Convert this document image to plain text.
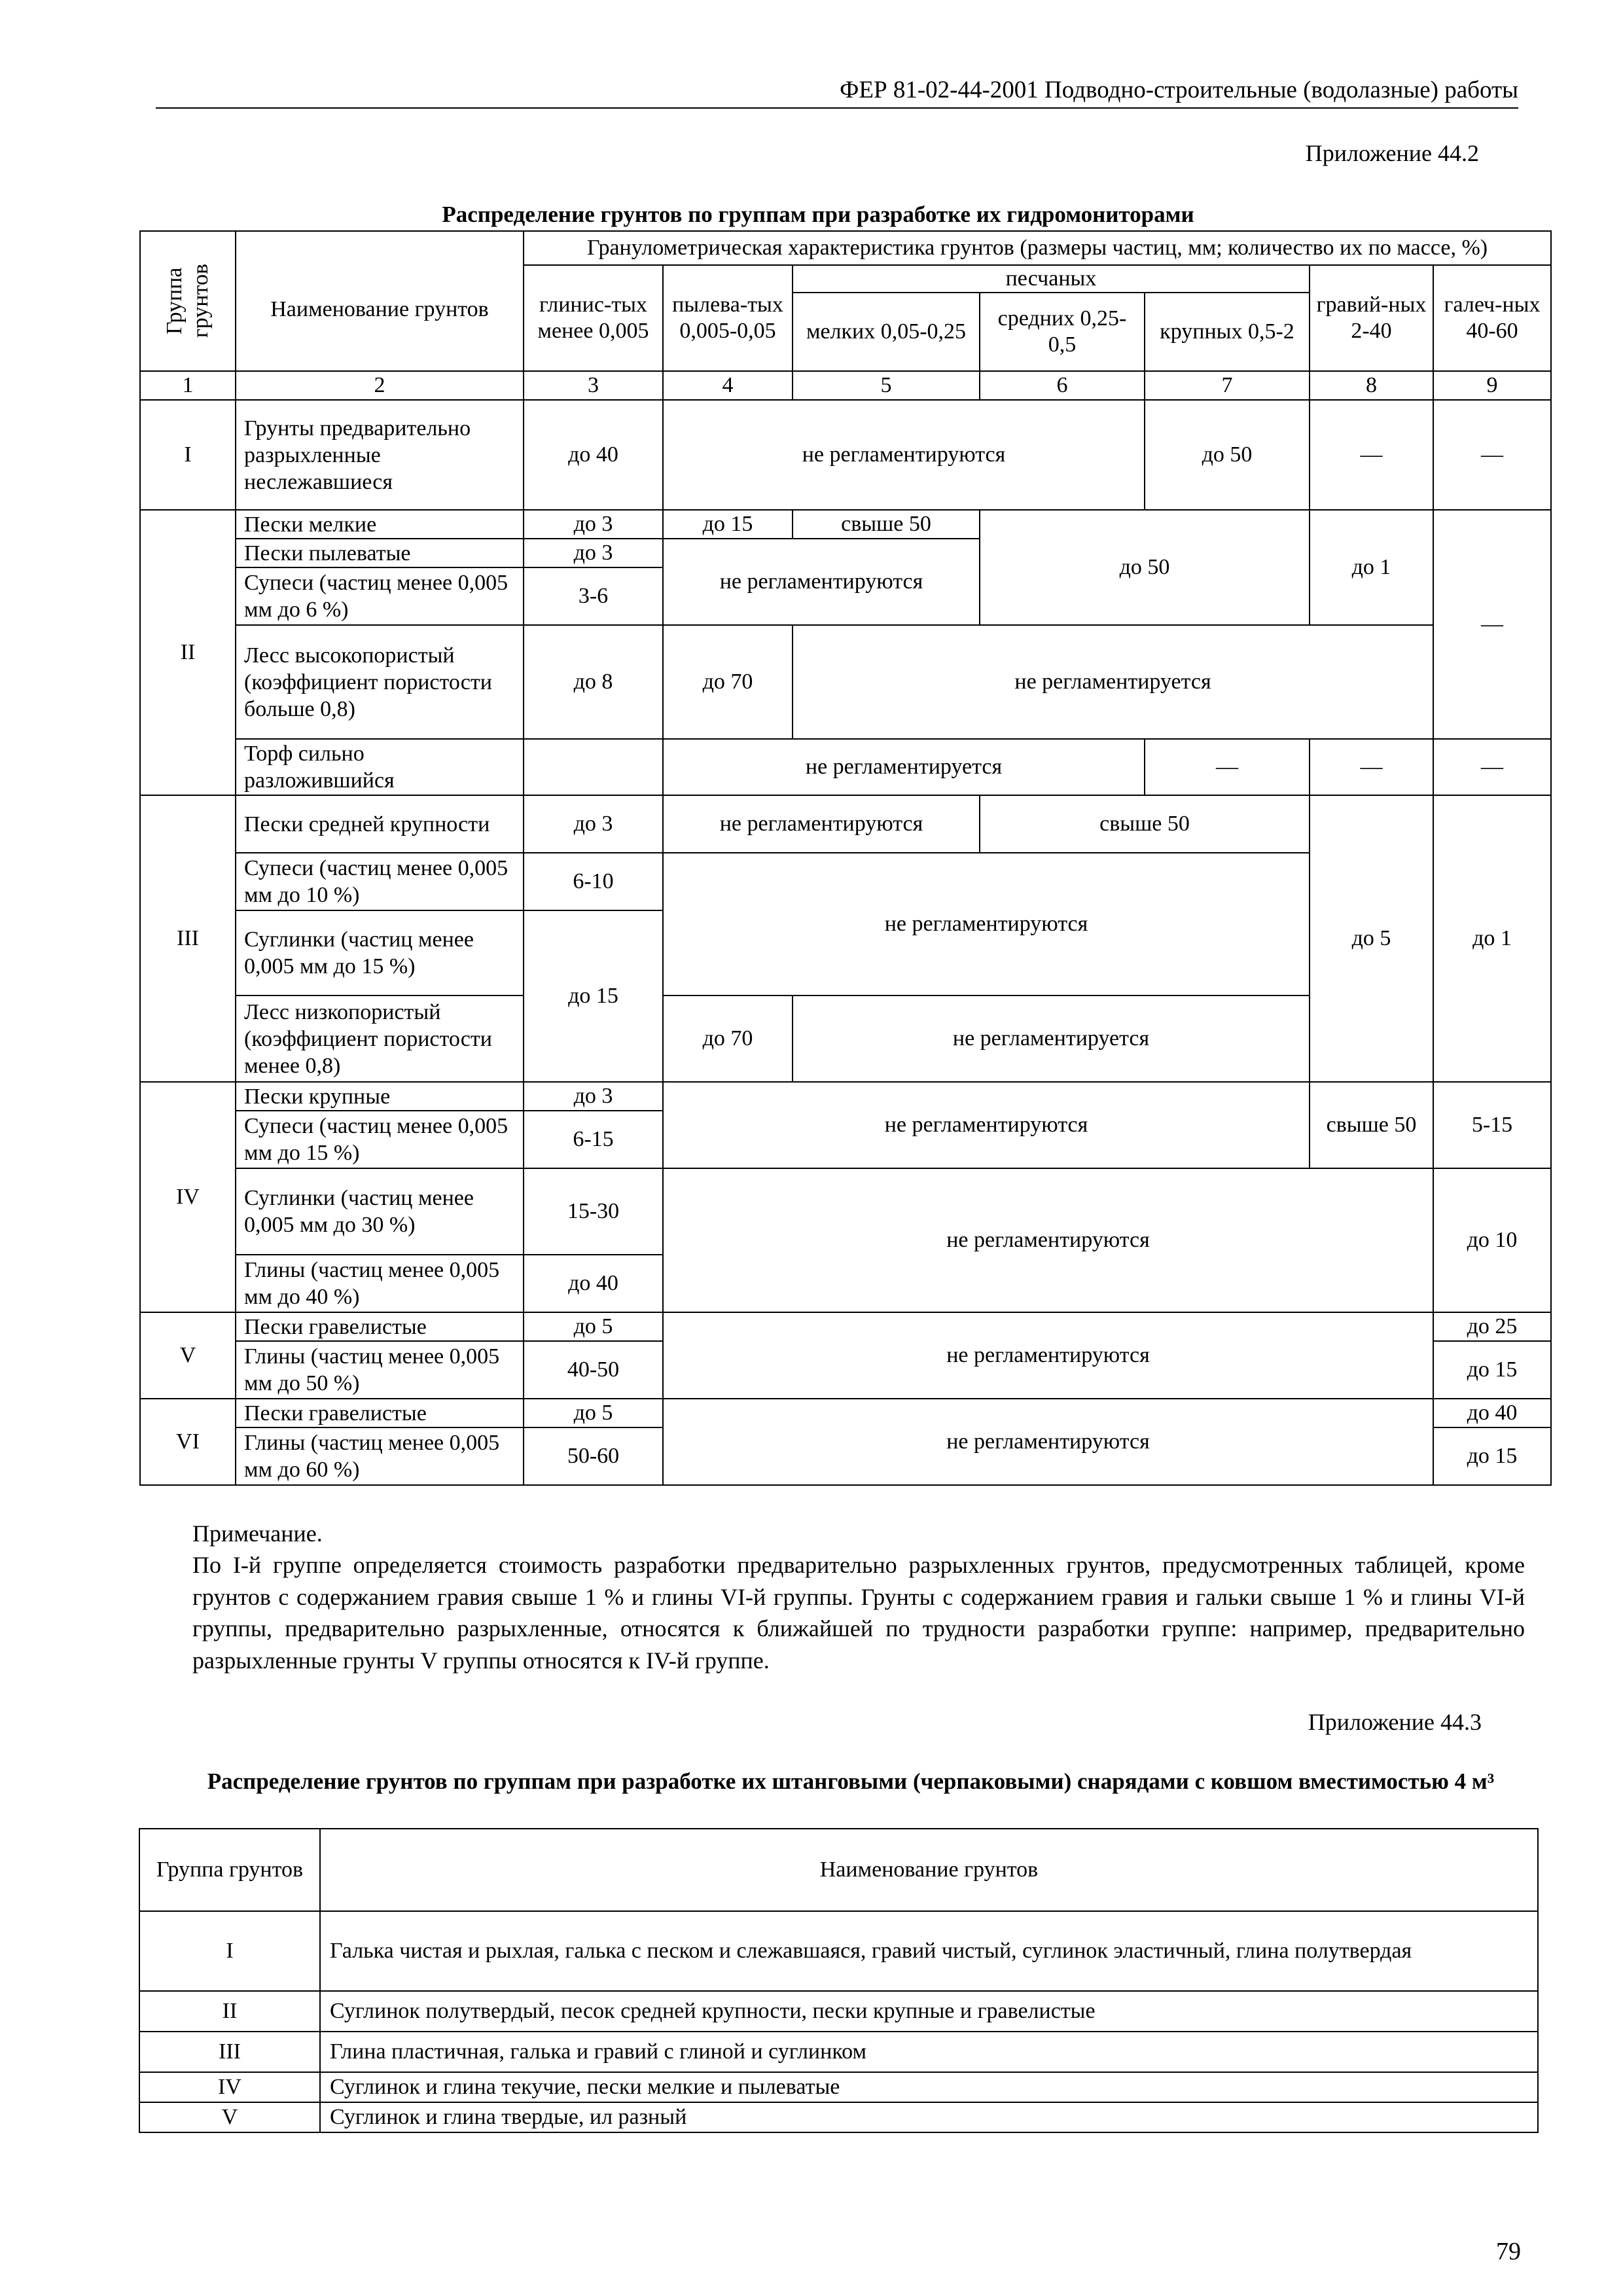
ФЕР 81-02-44-2001 Подводно-строительные (водолазные) работы
Приложение 44.2
Распределение грунтов по группам при разработке их гидромониторами
Группа
грунтов	Наименование грунтов	Гранулометрическая характеристика грунтов (размеры частиц, мм; количество их по массе, %)							
		глинис-тых менее 0,005	пылева-тых 0,005-0,05	песчаных			гравий-ных 2-40	галеч-ных 40-60	
				мелких 0,05-0,25	средних 0,25-0,5	крупных 0,5-2			
1	2	3	4	5	6	7	8	9	
I	Грунты предварительно разрыхленные неслежавшиеся	до 40	не регламентируются			до 50	—	—	
II	Пески мелкие	до 3	до 15	свыше 50	до 50		до 1	—	
	Пески пылеватые	до 3	не регламентируются						
	Супеси (частиц менее 0,005 мм до 6 %)	3-6							
	Лесс высокопористый (коэффициент пористости больше 0,8)	до 8	до 70	не регламентируется					
	Торф сильно разложившийся		не регламентируется			—	—	—	
III	Пески средней крупности	до 3	не регламентируются		свыше 50		до 5	до 1	
	Супеси (частиц менее 0,005 мм до 10 %)	6-10	не регламентируются	
	Суглинки (частиц менее 0,005 мм до 15 %)	до 15							
	Лесс низкопористый (коэффициент пористости менее 0,8)		до 70	не регламентируется					
IV	Пески крупные	до 3	не регламентируются				свыше 50	5-15	
	Супеси (частиц менее 0,005 мм до 15 %)	6-15							
	Суглинки (частиц менее 0,005 мм до 30 %)	15-30	не регламентируются					до 10	
	Глины (частиц менее 0,005 мм до 40 %)	до 40							
V	Пески гравелистые	до 5	не регламентируются					до 25	
	Глины (частиц менее 0,005 мм до 50 %)	40-50						до 15	
VI	Пески гравелистые	до 5	не регламентируются					до 40	
	Глины (частиц менее 0,005 мм до 60 %)	50-60						до 15	
Примечание.
По I-й группе определяется стоимость разработки предварительно разрыхленных грунтов, предусмотренных таблицей, кроме грунтов с содержанием гравия свыше 1 % и глины VI-й группы. Грунты с содержанием гравия и гальки свыше 1 % и глины VI-й группы, предварительно разрыхленные, относятся к ближайшей по трудности разработки группе: например, предварительно разрыхленные грунты V группы относятся к IV-й группе.
Приложение 44.3
Распределение грунтов по группам при разработке их штанговыми (черпаковыми) снарядами с ковшом вместимостью 4 м³
Группа грунтов	Наименование грунтов
I	Галька чистая и рыхлая, галька с песком и слежавшаяся, гравий чистый, суглинок эластичный, глина полутвердая
II	Суглинок полутвердый, песок средней крупности, пески крупные и гравелистые
III	Глина пластичная, галька и гравий с глиной и суглинком
IV	Суглинок и глина текучие, пески мелкие и пылеватые
V	Суглинок и глина твердые, ил разный
79
